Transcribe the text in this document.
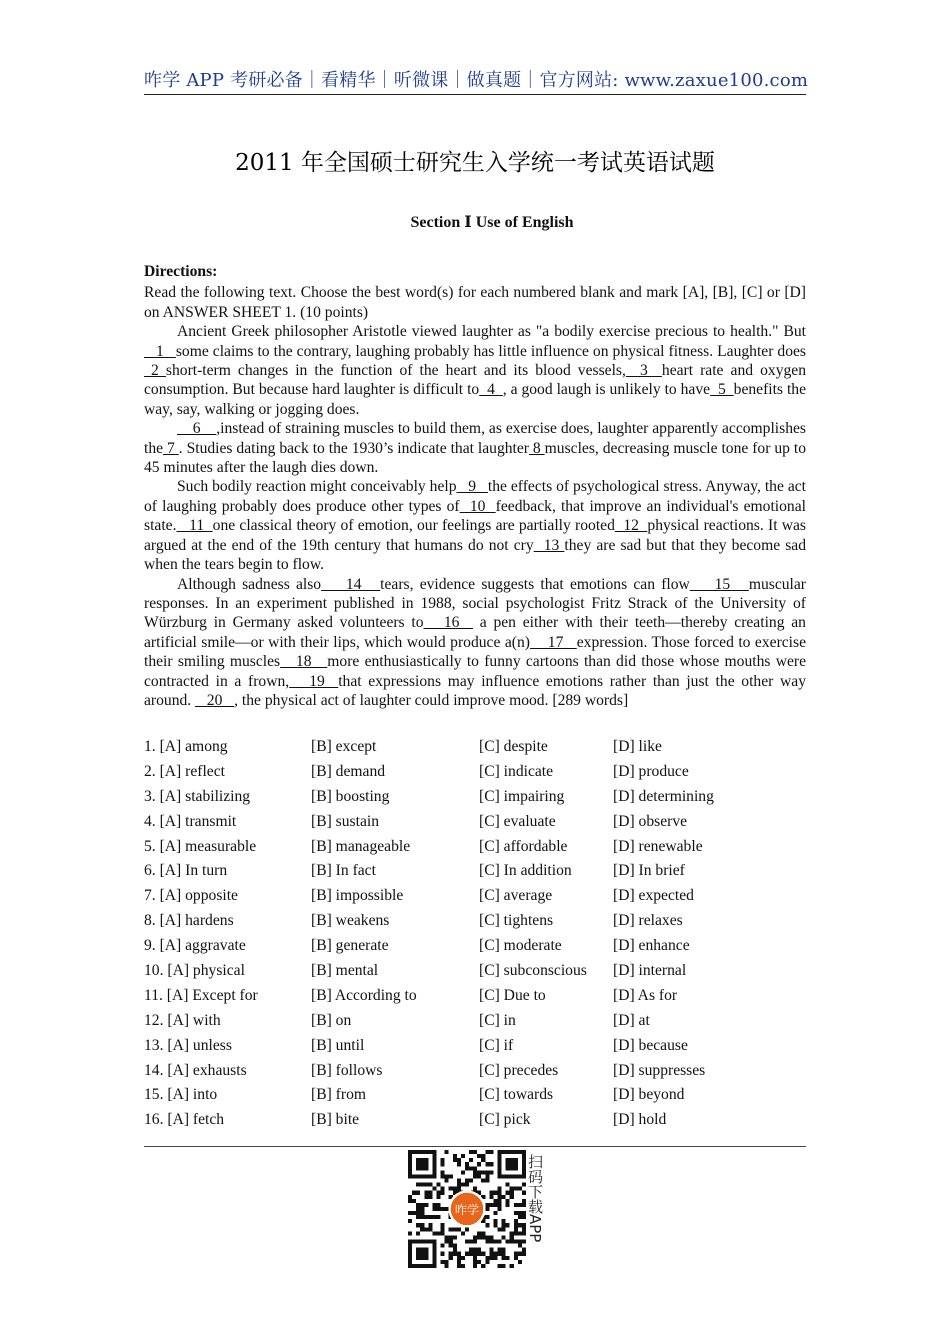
咋学 APP 考研必备｜看精华｜听微课｜做真题｜官方网站: www.zaxue100.com
2011 年全国硕士研究生入学统一考试英语试题
Section Ⅰ Use of English
Directions:

Read the following text. Choose the best word(s) for each numbered blank and mark [A], [B], [C] or [D] on ANSWER SHEET 1. (10 points)

Ancient Greek philosopher Aristotle viewed laughter as "a bodily exercise precious to health." But   1   some claims to the contrary, laughing probably has little influence on physical fitness. Laughter does 2 short-term changes in the function of the heart and its blood vessels,  3  heart rate and oxygen consumption. But because hard laughter is difficult to  4  , a good laugh is unlikely to have  5  benefits the way, say, walking or jogging does.

6    ,instead of straining muscles to build them, as exercise does, laughter apparently accomplishes the 7 . Studies dating back to the 1930’s indicate that laughter 8 muscles, decreasing muscle tone for up to 45 minutes after the laugh dies down.

Such bodily reaction might conceivably help   9   the effects of psychological stress. Anyway, the act of laughing probably does produce other types of  10  feedback, that improve an individual's emotional state.   11  one classical theory of emotion, our feelings are partially rooted  12  physical reactions. It was argued at the end of the 19th century that humans do not cry  13 they are sad but that they become sad when the tears begin to flow.

Although sadness also    14   tears, evidence suggests that emotions can flow    15   muscular responses. In an experiment published in 1988, social psychologist Fritz Strack of the University of Würzburg in Germany asked volunteers to   16   a pen either with their teeth—thereby creating an artificial smile—or with their lips, which would produce a(n)    17   expression. Those forced to exercise their smiling muscles   18   more enthusiastically to funny cartoons than did those whose mouths were contracted in a frown,   19  that expressions may influence emotions rather than just the other way around.    20   , the physical act of laughter could improve mood. [289 words]

1. [A] among	[B] except	[C] despite	[D] like
2. [A] reflect	[B] demand	[C] indicate	[D] produce
3. [A] stabilizing	[B] boosting	[C] impairing	[D] determining
4. [A] transmit	[B] sustain	[C] evaluate	[D] observe
5. [A] measurable	[B] manageable	[C] affordable	[D] renewable
6. [A] In turn	[B] In fact	[C] In addition	[D] In brief
7. [A] opposite	[B] impossible	[C] average	[D] expected
8. [A] hardens	[B] weakens	[C] tightens	[D] relaxes
9. [A] aggravate	[B] generate	[C] moderate	[D] enhance
10. [A] physical	[B] mental	[C] subconscious [D] internal
11. [A] Except for	[B] According to	[C] Due to	[D] As for
12. [A] with	[B] on	[C] in	[D] at
13. [A] unless	[B] until	[C] if	[D] because
14. [A] exhausts	[B] follows	[C] precedes	[D] suppresses
15. [A] into	[B] from	[C] towards	[D] beyond
16. [A] fetch	[B] bite	[C] pick	[D] hold
咋学	扫码下载APP
